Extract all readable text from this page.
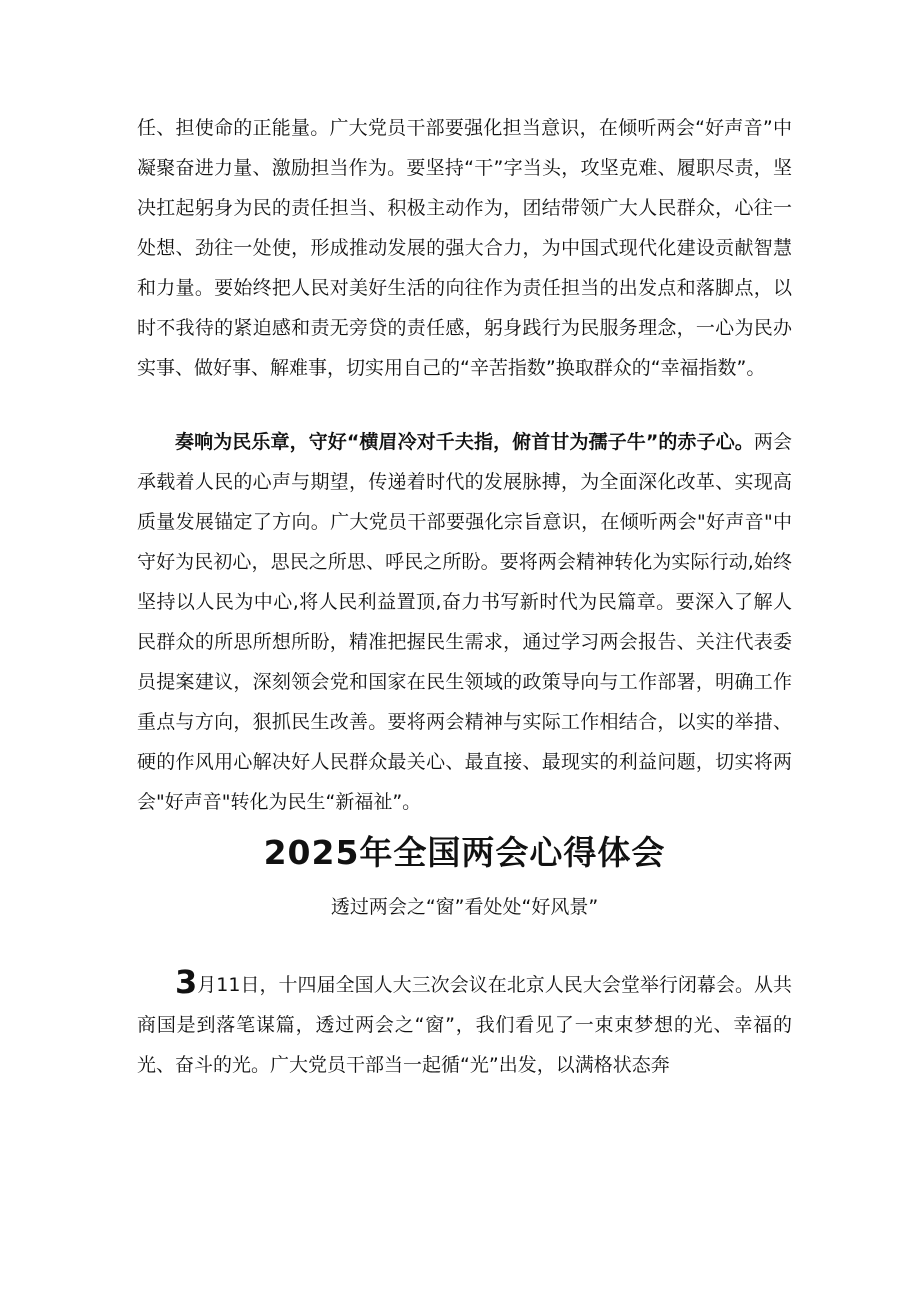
任、担使命的正能量。广大党员干部要强化担当意识，在倾听两会“好声音”中凝聚奋进力量、激励担当作为。要坚持“干”字当头，攻坚克难、履职尽责，坚决扛起躬身为民的责任担当、积极主动作为，团结带领广大人民群众，心往一处想、劲往一处使，形成推动发展的强大合力，为中国式现代化建设贡献智慧和力量。要始终把人民对美好生活的向往作为责任担当的出发点和落脚点，以时不我待的紧迫感和责无旁贷的责任感，躬身践行为民服务理念，一心为民办实事、做好事、解难事，切实用自己的“辛苦指数”换取群众的“幸福指数”。

奏响为民乐章，守好“横眉冷对千夫指，俯首甘为孺子牛”的赤子心。两会承载着人民的心声与期望，传递着时代的发展脉搏，为全面深化改革、实现高质量发展锚定了方向。广大党员干部要强化宗旨意识，在倾听两会"好声音"中守好为民初心，思民之所思、呼民之所盼。要将两会精神转化为实际行动,始终坚持以人民为中心,将人民利益置顶,奋力书写新时代为民篇章。要深入了解人民群众的所思所想所盼，精准把握民生需求，通过学习两会报告、关注代表委员提案建议，深刻领会党和国家在民生领域的政策导向与工作部署，明确工作重点与方向，狠抓民生改善。要将两会精神与实际工作相结合，以实的举措、硬的作风用心解决好人民群众最关心、最直接、最现实的利益问题，切实将两会"好声音"转化为民生“新福祉”。

2025年全国两会心得体会

透过两会之“窗”看处处“好风景”

3月11日，十四届全国人大三次会议在北京人民大会堂举行闭幕会。从共商国是到落笔谋篇，透过两会之“窗”，我们看见了一束束梦想的光、幸福的光、奋斗的光。广大党员干部当一起循“光”出发，以满格状态奔
